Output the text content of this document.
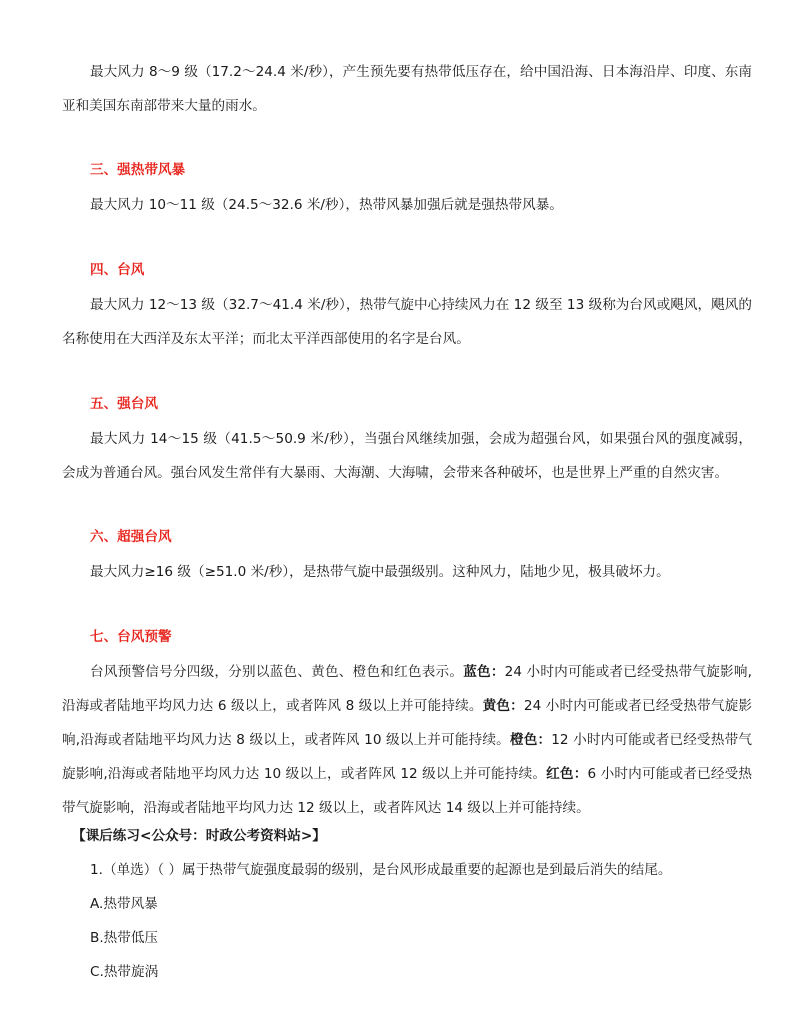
最大风力 8～9 级（17.2～24.4 米/秒），产生预先要有热带低压存在，给中国沿海、日本海沿岸、印度、东南亚和美国东南部带来大量的雨水。

三、强热带风暴

最大风力 10～11 级（24.5～32.6 米/秒），热带风暴加强后就是强热带风暴。

四、台风

最大风力 12～13 级（32.7～41.4 米/秒），热带气旋中心持续风力在 12 级至 13 级称为台风或飓风，飓风的名称使用在大西洋及东太平洋；而北太平洋西部使用的名字是台风。

五、强台风

最大风力 14～15 级（41.5～50.9 米/秒），当强台风继续加强，会成为超强台风，如果强台风的强度减弱，会成为普通台风。强台风发生常伴有大暴雨、大海潮、大海啸，会带来各种破坏，也是世界上严重的自然灾害。

六、超强台风

最大风力≥16 级（≥51.0 米/秒），是热带气旋中最强级别。这种风力，陆地少见，极具破坏力。

七、台风预警

台风预警信号分四级，分别以蓝色、黄色、橙色和红色表示。蓝色：24 小时内可能或者已经受热带气旋影响,沿海或者陆地平均风力达 6 级以上，或者阵风 8 级以上并可能持续。黄色：24 小时内可能或者已经受热带气旋影响,沿海或者陆地平均风力达 8 级以上，或者阵风 10 级以上并可能持续。橙色：12 小时内可能或者已经受热带气旋影响,沿海或者陆地平均风力达 10 级以上，或者阵风 12 级以上并可能持续。红色：6 小时内可能或者已经受热带气旋影响，沿海或者陆地平均风力达 12 级以上，或者阵风达 14 级以上并可能持续。

【课后练习<公众号：时政公考资料站>】

1.（单选）（ ）属于热带气旋强度最弱的级别，是台风形成最重要的起源也是到最后消失的结尾。

A.热带风暴

B.热带低压

C.热带旋涡
